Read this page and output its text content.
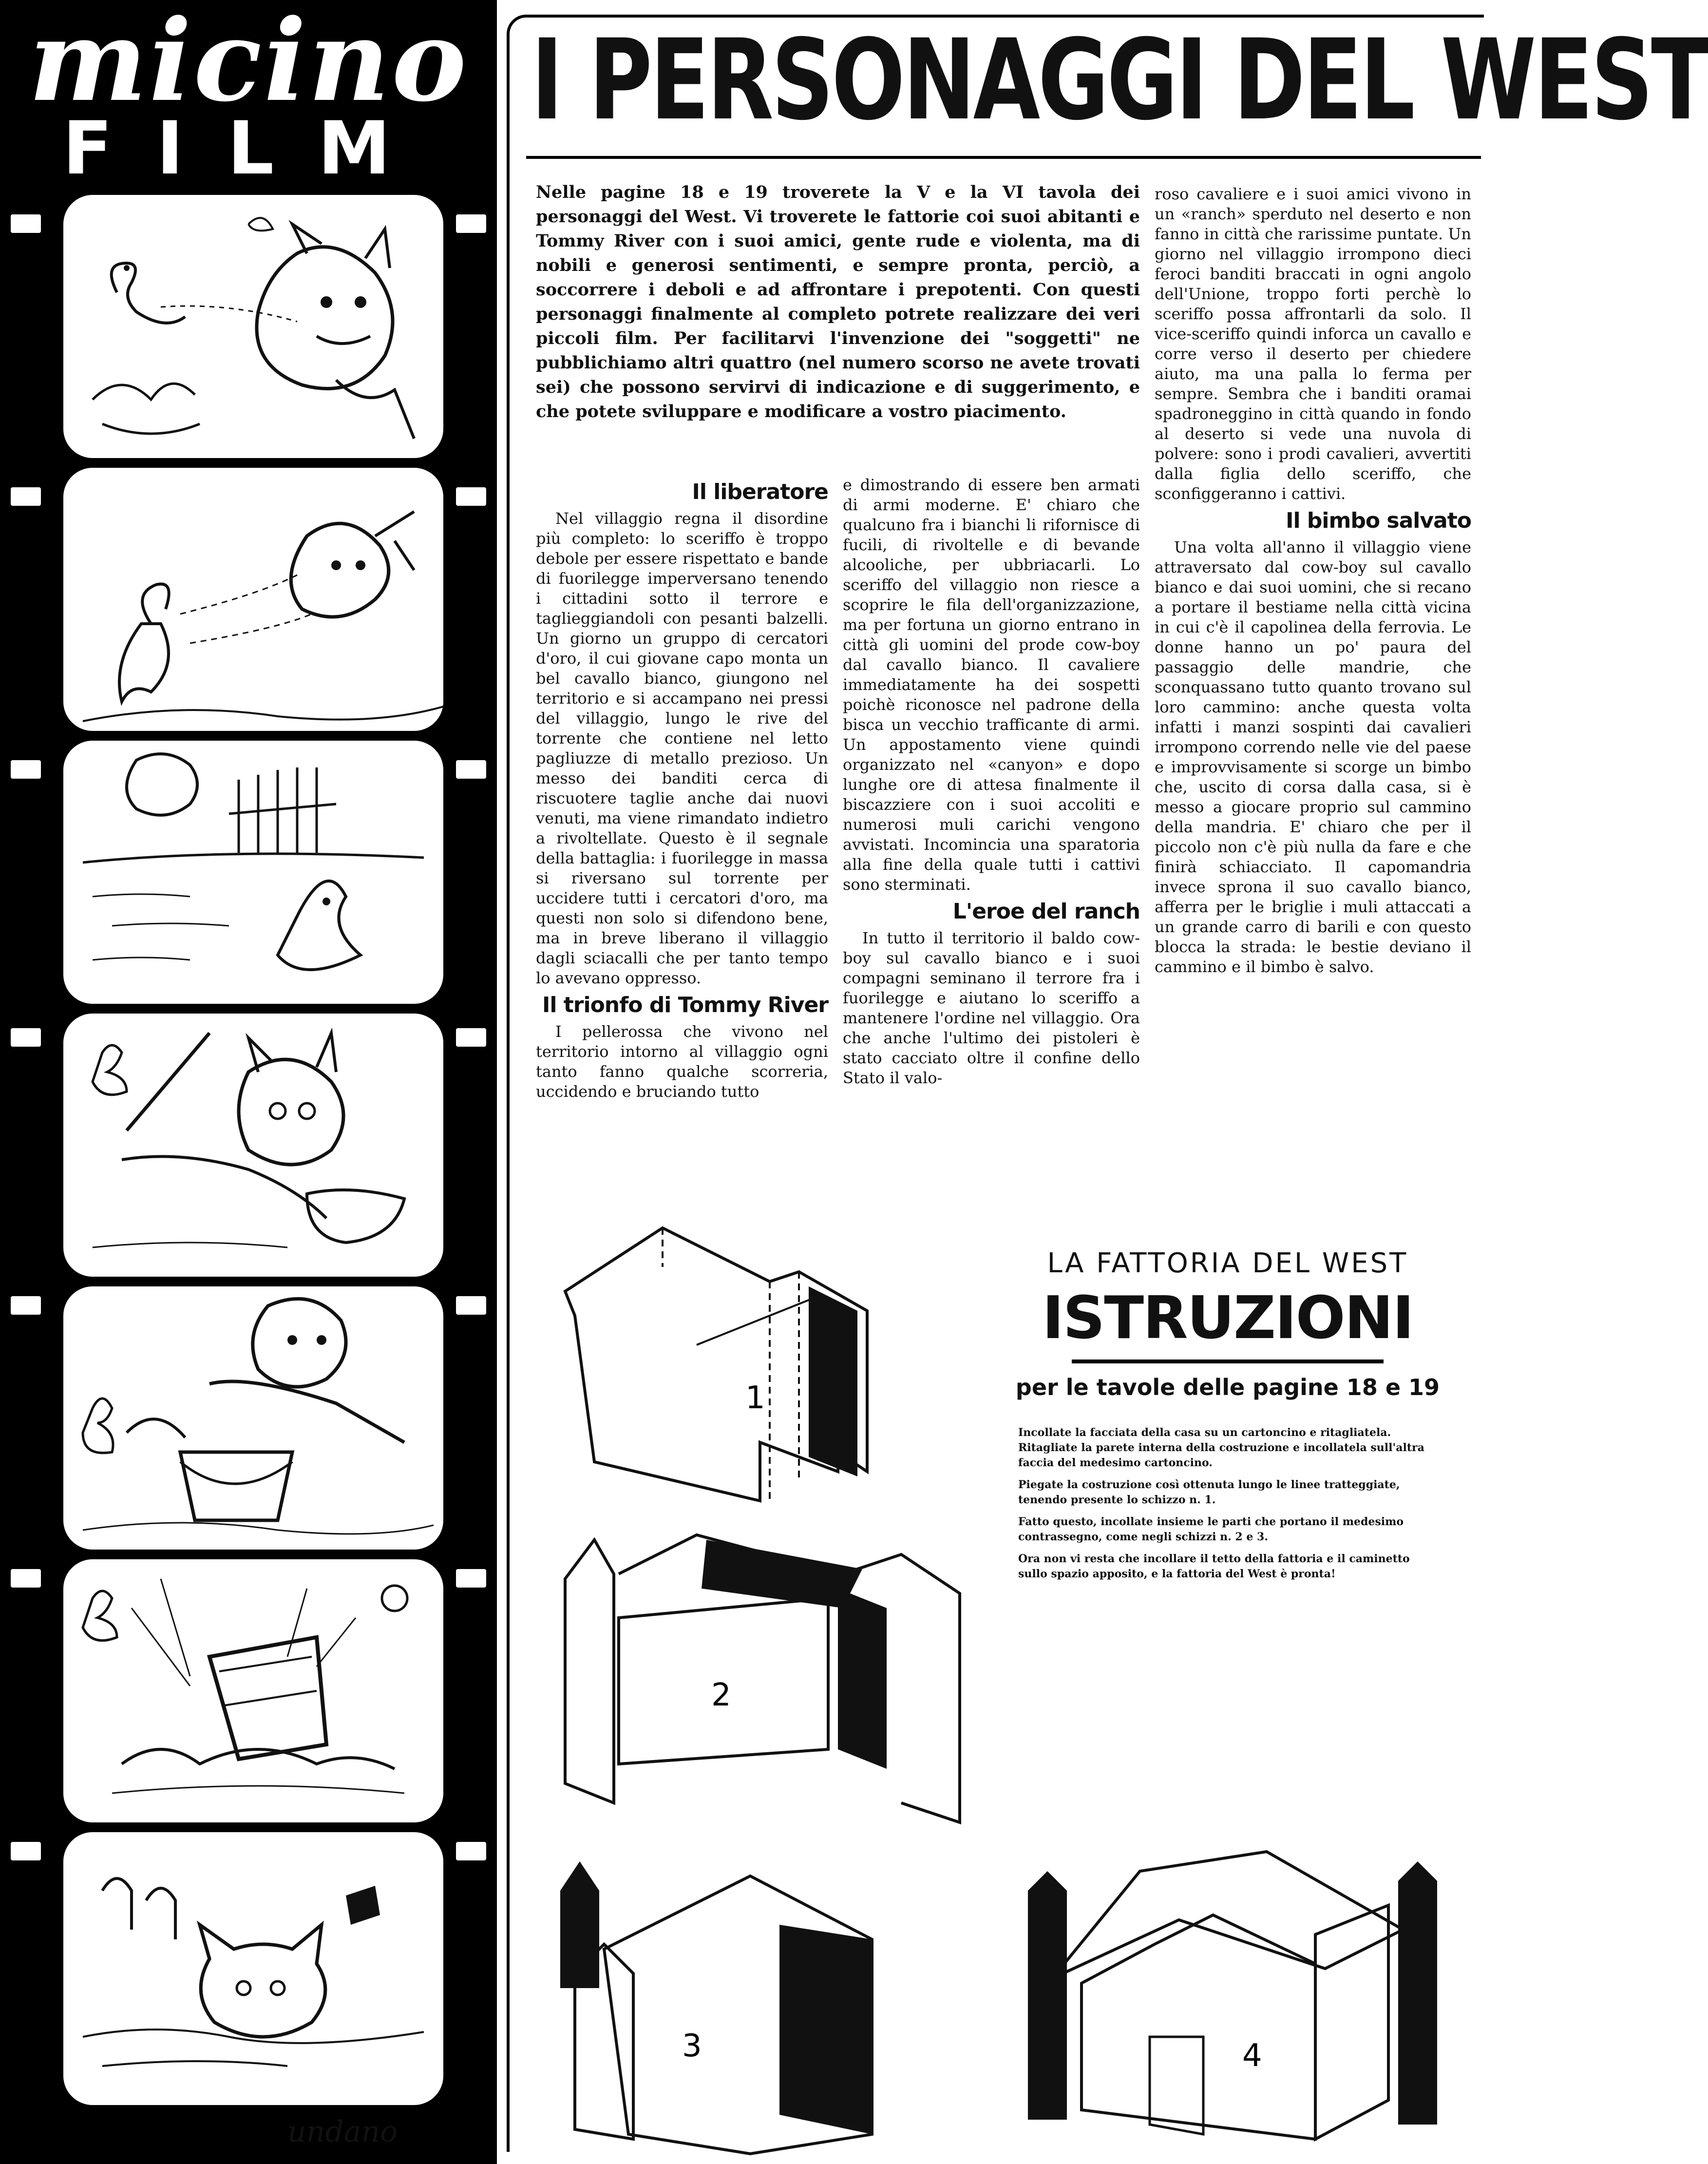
micino
FILM
undano
I PERSONAGGI DEL WEST
Nelle pagine 18 e 19 troverete la V e la VI tavola dei personaggi del West. Vi troverete le fattorie coi suoi abitanti e Tommy River con i suoi amici, gente rude e violenta, ma di nobili e generosi sentimenti, e sempre pronta, perciò, a soccorrere i deboli e ad affrontare i prepotenti. Con questi personaggi finalmente al completo potrete realizzare dei veri piccoli film. Per facilitarvi l'invenzione dei "soggetti" ne pubblichiamo altri quattro (nel numero scorso ne avete trovati sei) che possono servirvi di indicazione e di suggerimento, e che potete sviluppare e modificare a vostro piacimento.
Il liberatore

Nel villaggio regna il disordine più completo: lo sceriffo è troppo debole per essere rispettato e bande di fuorilegge imperversano tenendo i cittadini sotto il terrore e taglieggiandoli con pesanti balzelli. Un giorno un gruppo di cercatori d'oro, il cui giovane capo monta un bel cavallo bianco, giungono nel territorio e si accampano nei pressi del villaggio, lungo le rive del torrente che contiene nel letto pagliuzze di metallo prezioso. Un messo dei banditi cerca di riscuotere taglie anche dai nuovi venuti, ma viene rimandato indietro a rivoltellate. Questo è il segnale della battaglia: i fuorilegge in massa si riversano sul torrente per uccidere tutti i cercatori d'oro, ma questi non solo si difendono bene, ma in breve liberano il villaggio dagli sciacalli che per tanto tempo lo avevano oppresso.

Il trionfo di Tommy River

I pellerossa che vivono nel territorio intorno al villaggio ogni tanto fanno qualche scorreria, uccidendo e bruciando tutto

e dimostrando di essere ben armati di armi moderne. E' chiaro che qualcuno fra i bianchi li rifornisce di fucili, di rivoltelle e di bevande alcooliche, per ubbriacarli. Lo sceriffo del villaggio non riesce a scoprire le fila dell'organizzazione, ma per fortuna un giorno entrano in città gli uomini del prode cow-boy dal cavallo bianco. Il cavaliere immediatamente ha dei sospetti poichè riconosce nel padrone della bisca un vecchio trafficante di armi. Un appostamento viene quindi organizzato nel «canyon» e dopo lunghe ore di attesa finalmente il biscazziere con i suoi accoliti e numerosi muli carichi vengono avvistati. Incomincia una sparatoria alla fine della quale tutti i cattivi sono sterminati.

L'eroe del ranch

In tutto il territorio il baldo cow-boy sul cavallo bianco e i suoi compagni seminano il terrore fra i fuorilegge e aiutano lo sceriffo a mantenere l'ordine nel villaggio. Ora che anche l'ultimo dei pistoleri è stato cacciato oltre il confine dello Stato il valo-

roso cavaliere e i suoi amici vivono in un «ranch» sperduto nel deserto e non fanno in città che rarissime puntate. Un giorno nel villaggio irrompono dieci feroci banditi braccati in ogni angolo dell'Unione, troppo forti perchè lo sceriffo possa affrontarli da solo. Il vice-sceriffo quindi inforca un cavallo e corre verso il deserto per chiedere aiuto, ma una palla lo ferma per sempre. Sembra che i banditi oramai spadroneggino in città quando in fondo al deserto si vede una nuvola di polvere: sono i prodi cavalieri, avvertiti dalla figlia dello sceriffo, che sconfiggeranno i cattivi.

Il bimbo salvato

Una volta all'anno il villaggio viene attraversato dal cow-boy sul cavallo bianco e dai suoi uomini, che si recano a portare il bestiame nella città vicina in cui c'è il capolinea della ferrovia. Le donne hanno un po' paura del passaggio delle mandrie, che sconquassano tutto quanto trovano sul loro cammino: anche questa volta infatti i manzi sospinti dai cavalieri irrompono correndo nelle vie del paese e improvvisamente si scorge un bimbo che, uscito di corsa dalla casa, si è messo a giocare proprio sul cammino della mandria. E' chiaro che per il piccolo non c'è più nulla da fare e che finirà schiacciato. Il capomandria invece sprona il suo cavallo bianco, afferra per le briglie i muli attaccati a un grande carro di barili e con questo blocca la strada: le bestie deviano il cammino e il bimbo è salvo.

LA FATTORIA DEL WEST
ISTRUZIONI
per le tavole delle pagine 18 e 19

Incollate la facciata della casa su un cartoncino e ritagliatela. Ritagliate la parete interna della costruzione e incollatela sull'altra faccia del medesimo cartoncino.

Piegate la costruzione così ottenuta lungo le linee tratteggiate, tenendo presente lo schizzo n. 1.

Fatto questo, incollate insieme le parti che portano il medesimo contrassegno, come negli schizzi n. 2 e 3.

Ora non vi resta che incollare il tetto della fattoria e il caminetto sullo spazio apposito, e la fattoria del West è pronta!

1
2
3	4
